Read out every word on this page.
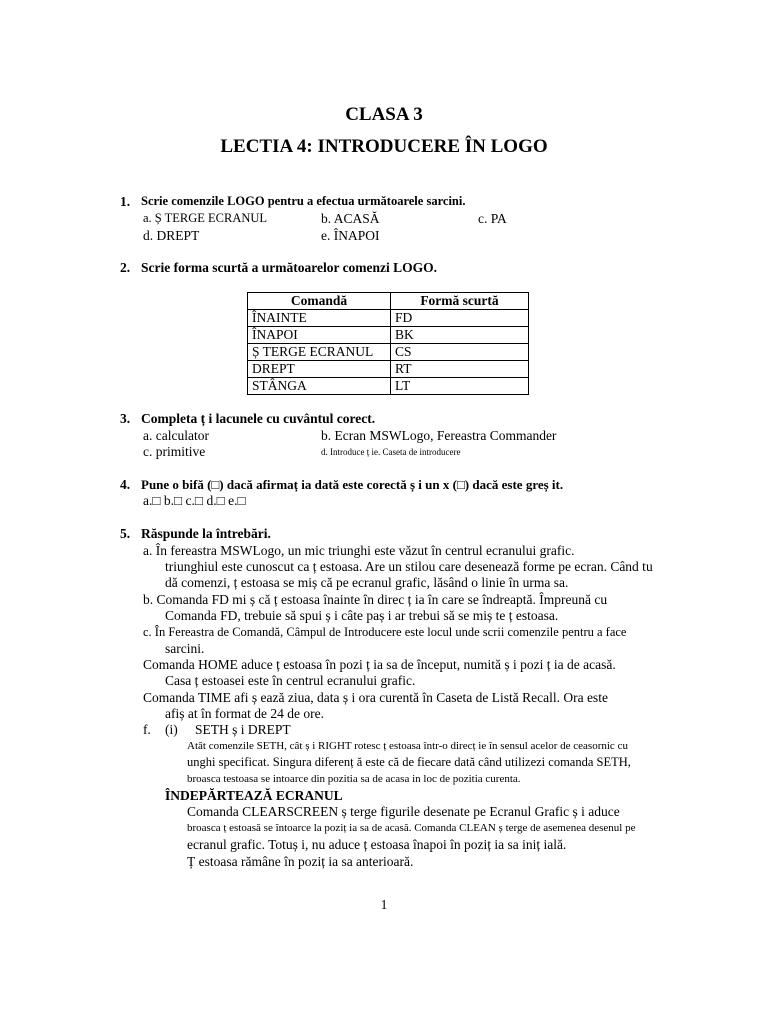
CLASA 3
LECTIA 4: INTRODUCERE ÎN LOGO
1. Scrie comenzile LOGO pentru a efectua următoarele sarcini.
a. Ș TERGE ECRANUL	b. ACASĂ	c. PA
d. DREPT	e. ÎNAPOI
2. Scrie forma scurtă a următoarelor comenzi LOGO.
Comandă	Formă scurtă
ÎNAINTE	FD
ÎNAPOI	BK
Ș TERGE ECRANUL	CS
DREPT	RT
STÂNGA	LT
3. Completa ț i lacunele cu cuvântul corect.
a. calculator	b. Ecran MSWLogo, Fereastra Commander
c. primitive	d. Introduce ț ie. Caseta de introducere
4. Pune o bifă (□) dacă afirmaț ia dată este corectă ș i un x (□) dacă este greș it.
a.□ b.□ c.□ d.□ e.□
5. Răspunde la întrebări.
a. În fereastra MSWLogo, un mic triunghi este văzut în centrul ecranului grafic.
triunghiul este cunoscut ca ț estoasa. Are un stilou care desenează forme pe ecran. Când tu
dă comenzi, ț estoasa se miș că pe ecranul grafic, lăsând o linie în urma sa.
b. Comanda FD mi ș că ț estoasa înainte în direc ț ia în care se îndreaptă. Împreună cu
Comanda FD, trebuie să spui ș i câte paș i ar trebui să se miș te ț estoasa.
c. În Fereastra de Comandă, Câmpul de Introducere este locul unde scrii comenzile pentru a face
sarcini.
Comanda HOME aduce ț estoasa în pozi ț ia sa de început, numită ș i pozi ț ia de acasă.
Casa ț estoasei este în centrul ecranului grafic.
Comanda TIME afi ș ează ziua, data ș i ora curentă în Caseta de Listă Recall. Ora este
afiș at în format de 24 de ore.
f. (i) SETH ș i DREPT
Atât comenzile SETH, cât ș i RIGHT rotesc ț estoasa într-o direcț ie în sensul acelor de ceasornic cu
unghi specificat. Singura diferenț ă este că de fiecare dată când utilizezi comanda SETH,
broasca testoasa se intoarce din pozitia sa de acasa in loc de pozitia curenta.
ÎNDEPĂRTEAZĂ ECRANUL
Comanda CLEARSCREEN ș terge figurile desenate pe Ecranul Grafic ș i aduce
broasca ț estoasă se întoarce la poziț ia sa de acasă. Comanda CLEAN ș terge de asemenea desenul pe
ecranul grafic. Totuș i, nu aduce ț estoasa înapoi în poziț ia sa iniț ială.
Ț estoasa rămâne în poziț ia sa anterioară.
1
